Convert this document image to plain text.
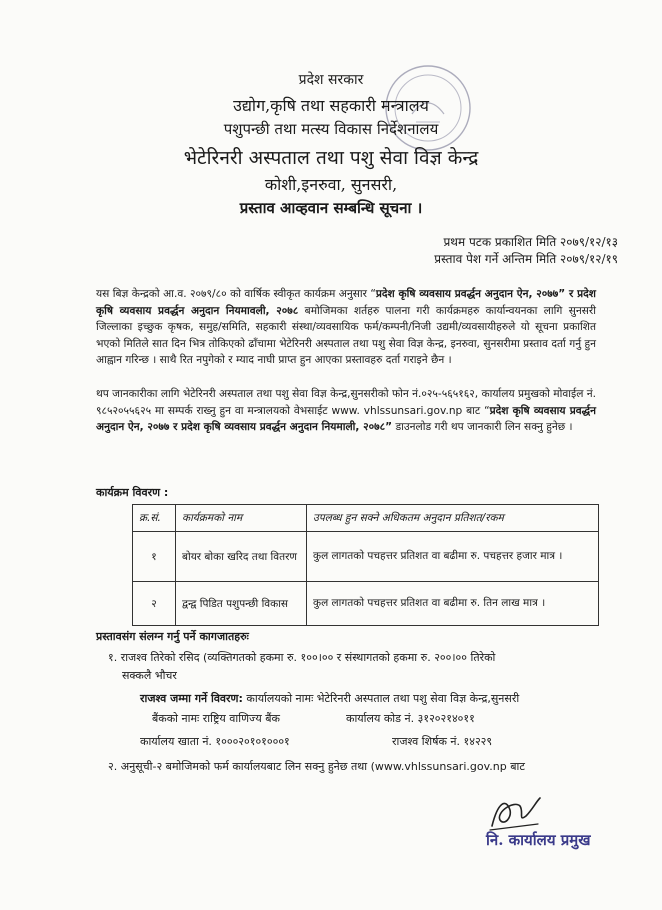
प्रदेश सरकार
उद्योग,कृषि तथा सहकारी मन्त्रालय
पशुपन्छी तथा मत्स्य विकास निर्देशनालय
भेटेरिनरी अस्पताल तथा पशु सेवा विज्ञ केन्द्र
कोशी,इनरुवा, सुनसरी,
प्रस्ताव आव्हवान सम्बन्धि सूचना ।
प्रथम पटक प्रकाशित मिति २०७९/१२/१३
प्रस्ताव पेश गर्ने अन्तिम मिति २०७९/१२/१९
यस बिज्ञ केन्द्रको आ.व. २०७९/८० को वार्षिक स्वीकृत कार्यक्रम अनुसार “प्रदेश कृषि व्यवसाय प्रवर्द्धन अनुदान ऐन, २०७७” र प्रदेश कृषि व्यवसाय प्रवर्द्धन अनुदान नियमावली, २०७८ बमोजिमका शर्तहरु पालना गरी कार्यक्रमहरु कार्यान्वयनका लागि सुनसरी जिल्लाका इच्छुक कृषक, समुह/समिति, सहकारी संस्था/व्यवसायिक फर्म/कम्पनी/निजी उद्यमी/व्यवसायीहरुले यो सूचना प्रकाशित भएको मितिले सात दिन भित्र तोकिएको ढाँचामा भेटेरिनरी अस्पताल तथा पशु सेवा विज्ञ केन्द्र, इनरुवा, सुनसरीमा प्रस्ताव दर्ता गर्नु हुन आह्वान गरिन्छ । साथै रित नपुगेको र म्याद नाघी प्राप्त हुन आएका प्रस्तावहरु दर्ता गराइने छैन ।
थप जानकारीका लागि भेटेरिनरी अस्पताल तथा पशु सेवा विज्ञ केन्द्र,सुनसरीको फोन नं.०२५-५६५१६२, कार्यालय प्रमुखको मोवाईल नं. ९८५२०५५६२५ मा सम्पर्क राख्नु हुन वा मन्त्रालयको वेभसाईट www. vhlssunsari.gov.np बाट “प्रदेश कृषि व्यवसाय प्रवर्द्धन अनुदान ऐन, २०७७ र प्रदेश कृषि व्यवसाय प्रवर्द्धन अनुदान नियमाली, २०७८” डाउनलोड गरी थप जानकारी लिन सक्नु हुनेछ ।
कार्यक्रम विवरण :
क्र.सं.	कार्यक्रमको नाम	उपलब्ध हुन सक्ने अधिकतम अनुदान प्रतिशत/रकम
१	बोयर बोका खरिद तथा वितरण	कुल लागतको पचहत्तर प्रतिशत वा बढीमा रु. पचहत्तर हजार मात्र ।
२	द्वन्द्व पिडित पशुपन्छी विकास	कुल लागतको पचहत्तर प्रतिशत वा बढीमा रु. तिन लाख मात्र ।
प्रस्तावसंग संलग्न गर्नु पर्ने कागजातहरुः
१. राजश्व तिरेको रसिद (व्यक्तिगतको हकमा रु. १००।०० र संस्थागतको हकमा रु. २००।०० तिरेको
सक्कलै भौचर
राजश्व जम्मा गर्ने विवरण: कार्यालयको नामः भेटेरिनरी अस्पताल तथा पशु सेवा विज्ञ केन्द्र,सुनसरी
बैंकको नामः राष्ट्रिय वाणिज्य बैंक	कार्यालय कोड नं. ३१२०२१४०११
कार्यालय खाता नं. १०००२०१०१०००१	राजश्व शिर्षक नं. १४२२९
२. अनुसूची-२ बमोजिमको फर्म कार्यालयबाट लिन सक्नु हुनेछ तथा (www.vhlssunsari.gov.np बाट
नि. कार्यालय प्रमुख
